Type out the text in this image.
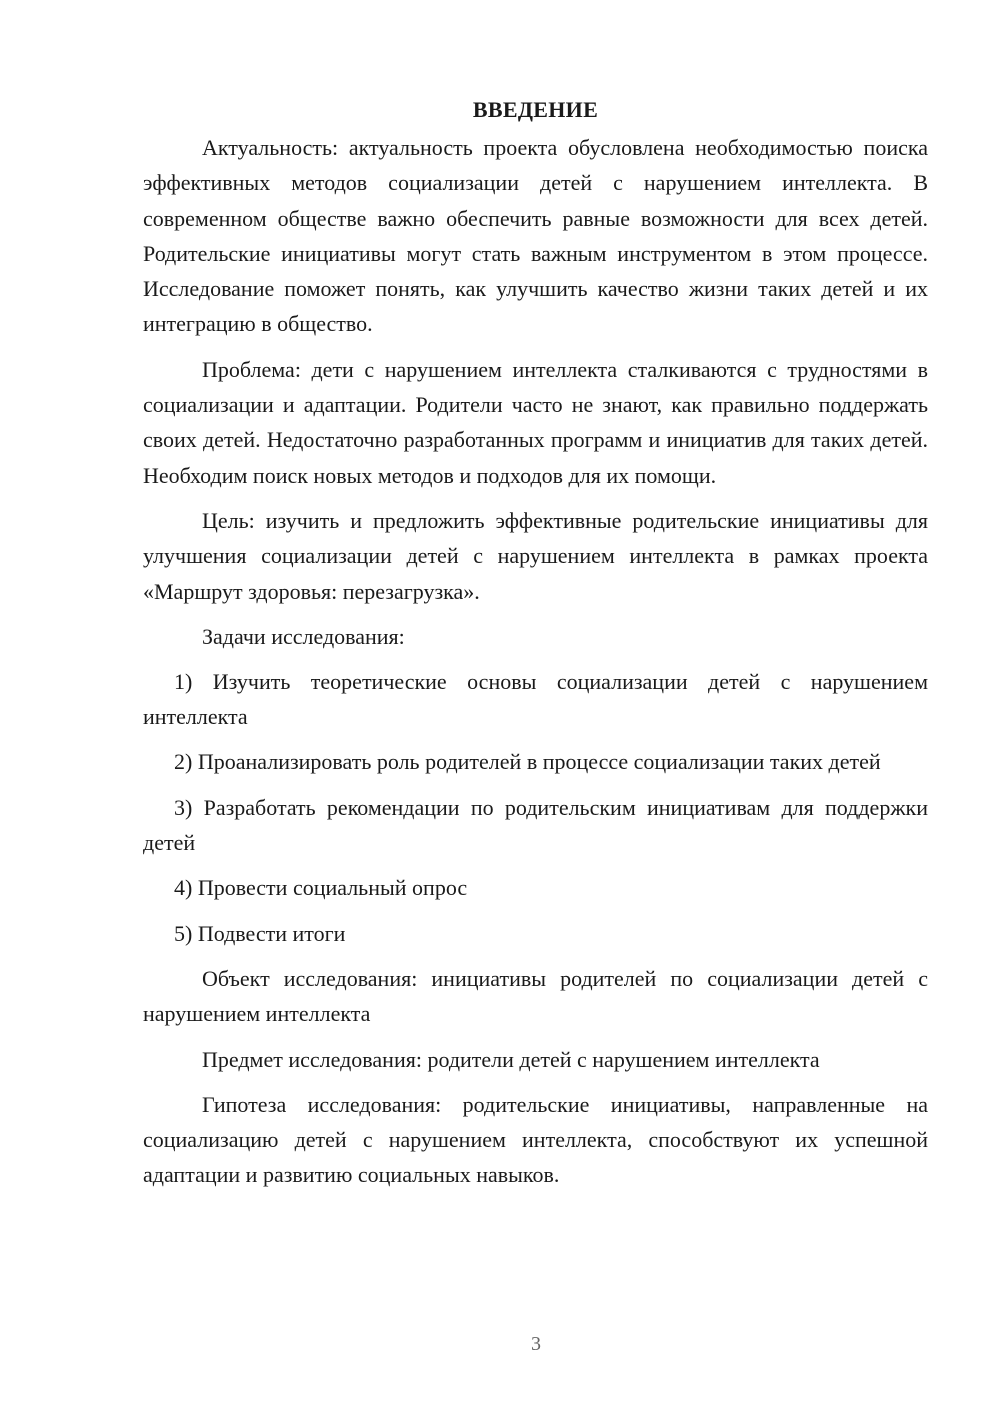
ВВЕДЕНИЕ

Актуальность: актуальность проекта обусловлена необходимостью поиска эффективных методов социализации детей с нарушением интеллекта. В современном обществе важно обеспечить равные возможности для всех детей. Родительские инициативы могут стать важным инструментом в этом процессе. Исследование поможет понять, как улучшить качество жизни таких детей и их интеграцию в общество.

Проблема: дети с нарушением интеллекта сталкиваются с трудностями в социализации и адаптации. Родители часто не знают, как правильно поддержать своих детей. Недостаточно разработанных программ и инициатив для таких детей. Необходим поиск новых методов и подходов для их помощи.

Цель: изучить и предложить эффективные родительские инициативы для улучшения социализации детей с нарушением интеллекта в рамках проекта «Маршрут здоровья: перезагрузка».

Задачи исследования:

1) Изучить теоретические основы социализации детей с нарушением интеллекта

2) Проанализировать роль родителей в процессе социализации таких детей

3) Разработать рекомендации по родительским инициативам для поддержки детей

4) Провести социальный опрос

5) Подвести итоги

Объект исследования: инициативы родителей по социализации детей с нарушением интеллекта

Предмет исследования: родители детей с нарушением интеллекта

Гипотеза исследования: родительские инициативы, направленные на социализацию детей с нарушением интеллекта, способствуют их успешной адаптации и развитию социальных навыков.

3
